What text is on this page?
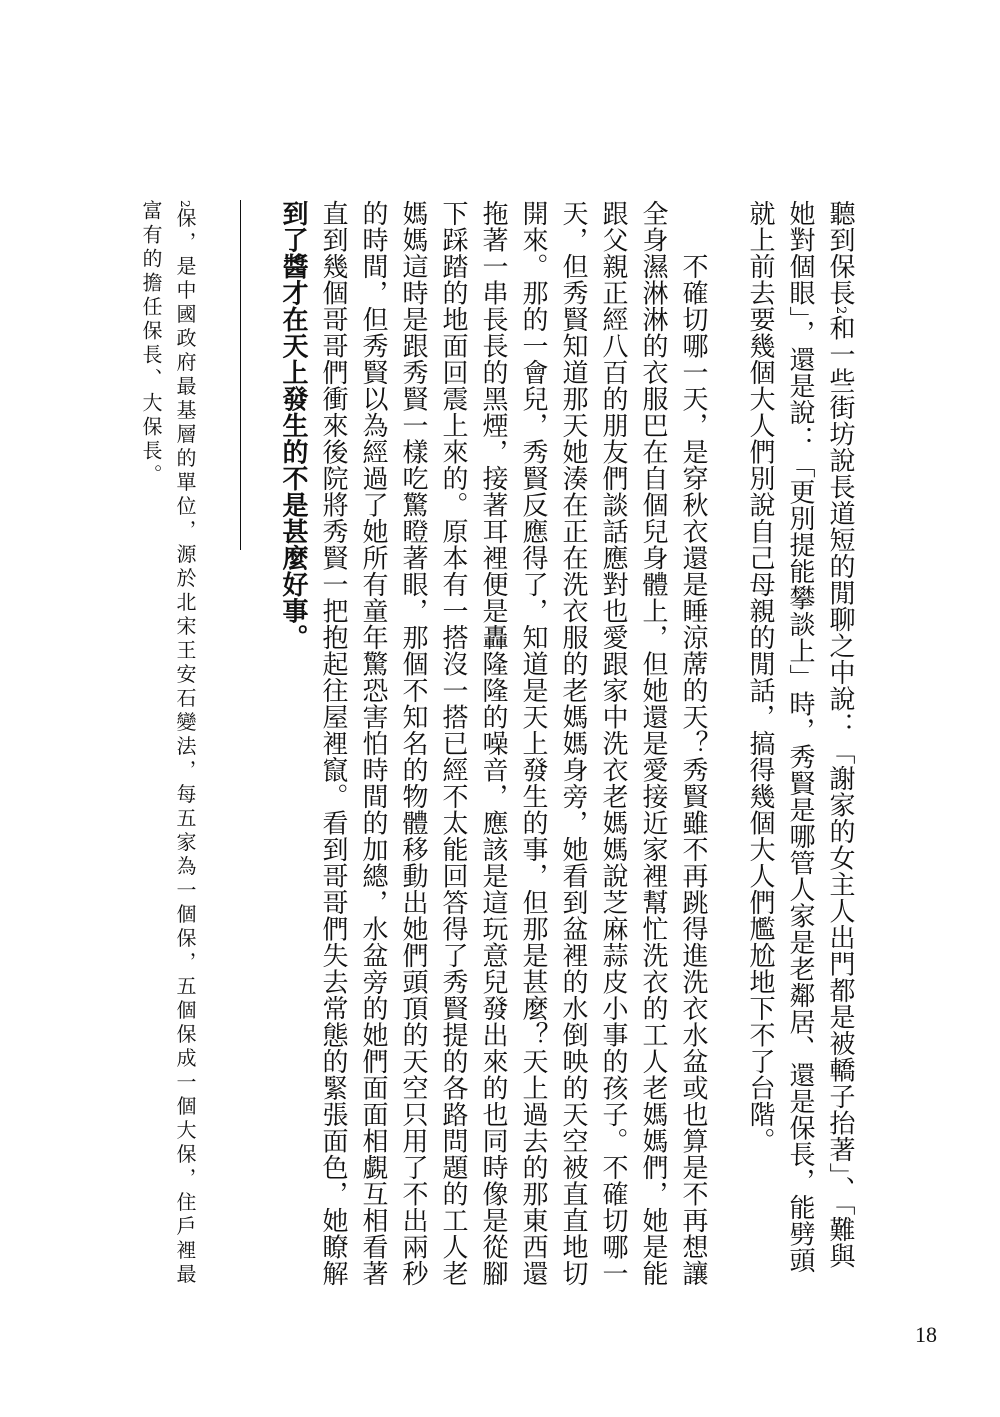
聽到保長2和一些街坊說長道短的閒聊之中說：「謝家的女主人出門都是被轎子抬著」、「難與
她對個眼」，還是說：「更別提能攀談上」時，秀賢是哪管人家是老鄰居、還是保長，能劈頭
就上前去要幾個大人們別說自己母親的閒話，搞得幾個大人們尷尬地下不了台階。
　　不確切哪一天，是穿秋衣還是睡涼蓆的天？秀賢雖不再跳得進洗衣水盆或也算是不再想讓
全身濕淋淋的衣服巴在自個兒身體上，但她還是愛接近家裡幫忙洗衣的工人老媽媽們，她是能
跟父親正經八百的朋友們談話應對也愛跟家中洗衣老媽媽說芝麻蒜皮小事的孩子。不確切哪一
天，但秀賢知道那天她湊在正在洗衣服的老媽媽身旁，她看到盆裡的水倒映的天空被直直地切
開來。那的一會兒，秀賢反應得了，知道是天上發生的事，但那是甚麼？天上過去的那東西還
拖著一串長長的黑煙，接著耳裡便是轟隆隆的噪音，應該是這玩意兒發出來的也同時像是從腳
下踩踏的地面回震上來的。原本有一搭沒一搭已經不太能回答得了秀賢提的各路問題的工人老
媽媽這時是跟秀賢一樣吃驚瞪著眼，那個不知名的物體移動出她們頭頂的天空只用了不出兩秒
的時間，但秀賢以為經過了她所有童年驚恐害怕時間的加總，水盆旁的她們面面相覷互相看著
直到幾個哥哥們衝來後院將秀賢一把抱起往屋裡竄。看到哥哥們失去常態的緊張面色，她瞭解
到了醬才在天上發生的不是甚麼好事。
2保，是中國政府最基層的單位，源於北宋王安石變法，每五家為一個保，五個保成一個大保，住戶裡最
富有的擔任保長、大保長。
18
